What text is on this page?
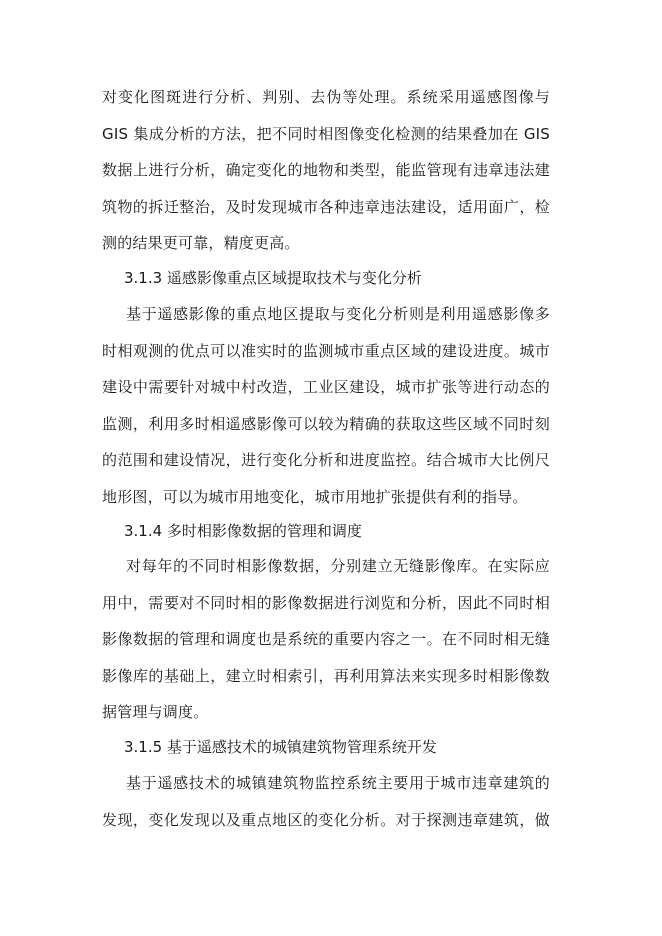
对变化图斑进行分析、判别、去伪等处理。系统采用遥感图像与
GIS 集成分析的方法，把不同时相图像变化检测的结果叠加在 GIS
数据上进行分析，确定变化的地物和类型，能监管现有违章违法建
筑物的拆迁整治，及时发现城市各种违章违法建设，适用面广，检
测的结果更可靠，精度更高。
3.1.3 遥感影像重点区域提取技术与变化分析
基于遥感影像的重点地区提取与变化分析则是利用遥感影像多
时相观测的优点可以准实时的监测城市重点区域的建设进度。城市
建设中需要针对城中村改造，工业区建设，城市扩张等进行动态的
监测，利用多时相遥感影像可以较为精确的获取这些区域不同时刻
的范围和建设情况，进行变化分析和进度监控。结合城市大比例尺
地形图，可以为城市用地变化，城市用地扩张提供有利的指导。
3.1.4 多时相影像数据的管理和调度
对每年的不同时相影像数据，分别建立无缝影像库。在实际应
用中，需要对不同时相的影像数据进行浏览和分析，因此不同时相
影像数据的管理和调度也是系统的重要内容之一。在不同时相无缝
影像库的基础上，建立时相索引，再利用算法来实现多时相影像数
据管理与调度。
3.1.5 基于遥感技术的城镇建筑物管理系统开发
基于遥感技术的城镇建筑物监控系统主要用于城市违章建筑的
发现，变化发现以及重点地区的变化分析。对于探测违章建筑，做
